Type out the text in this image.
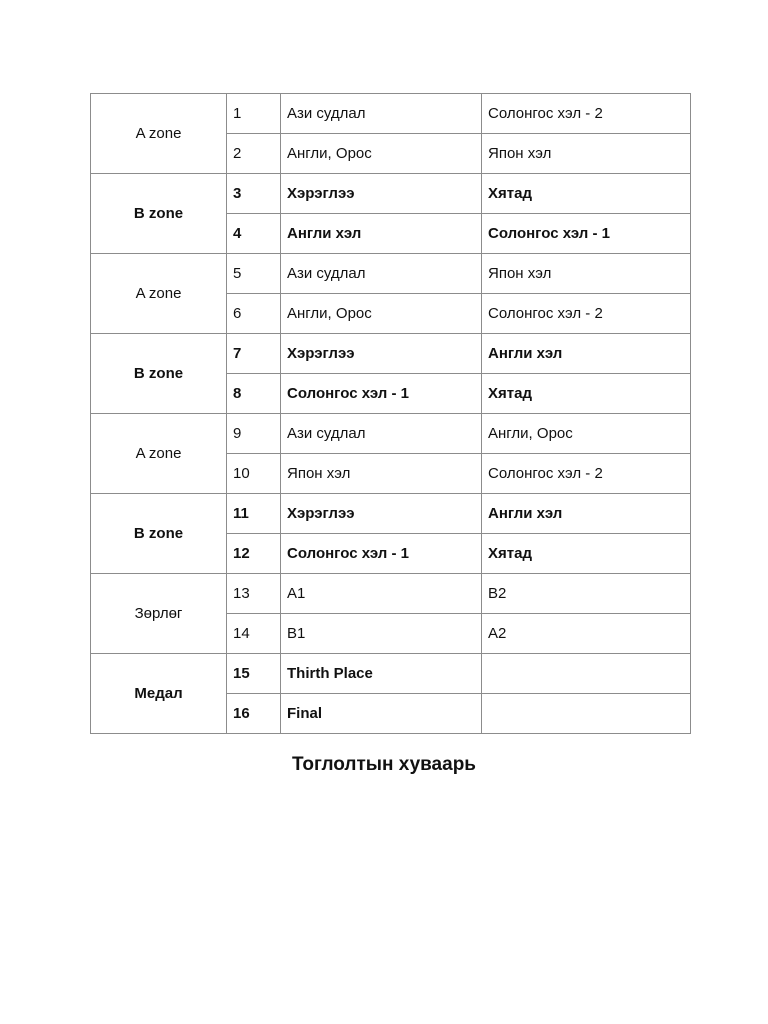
A zone	1	Ази судлал	Солонгос хэл - 2
	2	Англи, Орос	Япон хэл
B zone	3	Хэрэглээ	Хятад
	4	Англи хэл	Солонгос хэл - 1
A zone	5	Ази судлал	Япон хэл
	6	Англи, Орос	Солонгос хэл - 2
B zone	7	Хэрэглээ	Англи хэл
	8	Солонгос хэл - 1	Хятад
A zone	9	Ази судлал	Англи, Орос
	10	Япон хэл	Солонгос хэл - 2
B zone	11	Хэрэглээ	Англи хэл
	12	Солонгос хэл - 1	Хятад
Зөрлөг	13	A1	B2
	14	B1	A2
Медал	15	Thirth Place	
	16	Final	
Тоглолтын хуваарь
